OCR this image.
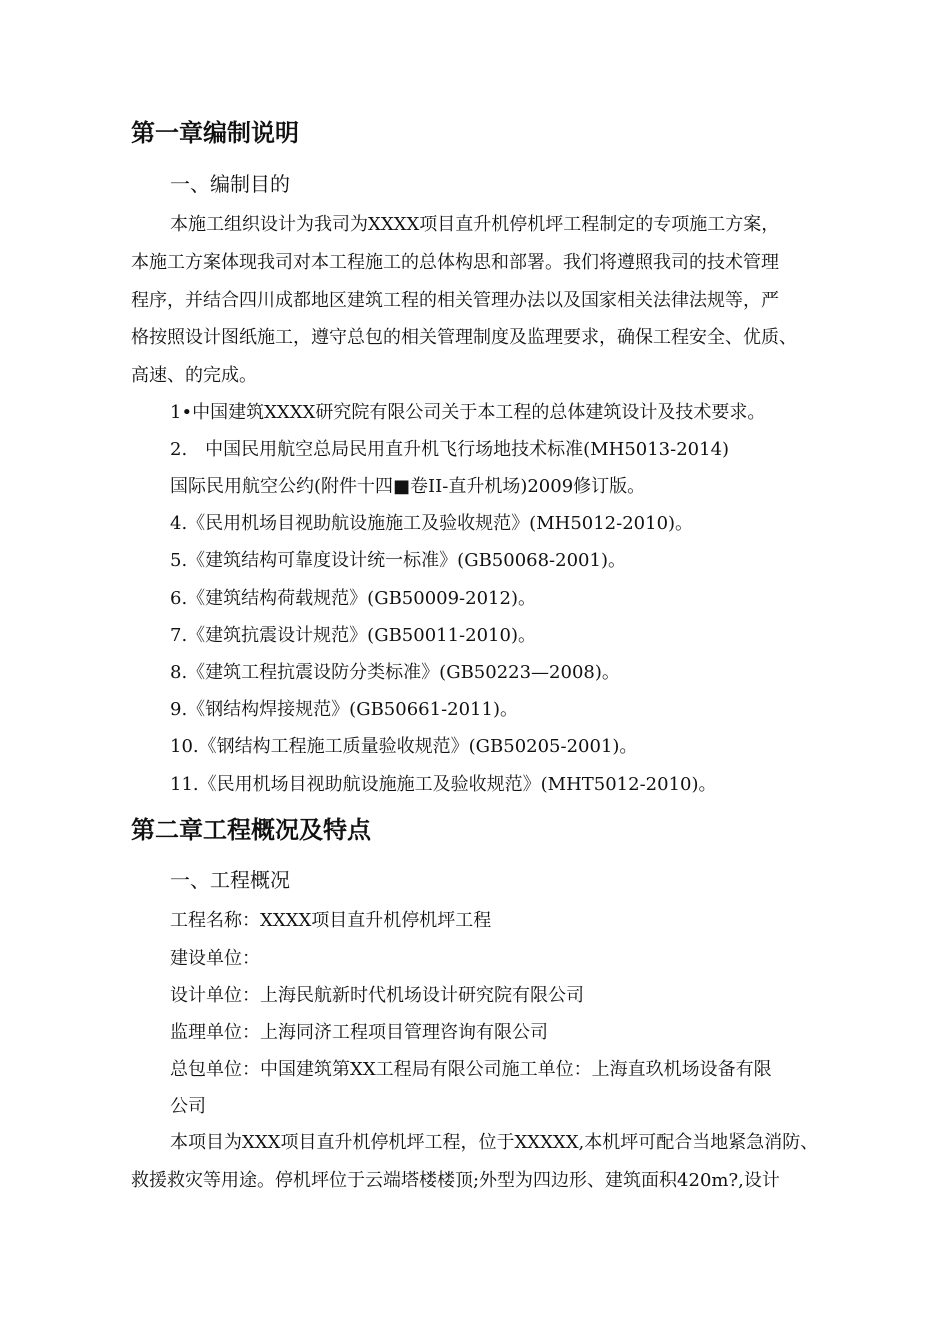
第一章编制说明
一、编制目的
本施工组织设计为我司为XXXX项目直升机停机坪工程制定的专项施工方案，
本施工方案体现我司对本工程施工的总体构思和部署。我们将遵照我司的技术管理
程序，并结合四川成都地区建筑工程的相关管理办法以及国家相关法律法规等，严
格按照设计图纸施工，遵守总包的相关管理制度及监理要求，确保工程安全、优质、
高速、的完成。
1•中国建筑XXXX研究院有限公司关于本工程的总体建筑设计及技术要求。
2.　中国民用航空总局民用直升机飞行场地技术标准(MH5013-2014)
国际民用航空公约(附件十四■卷II-直升机场)2009修订版。
4.《民用机场目视助航设施施工及验收规范》(MH5012-2010)。
5.《建筑结构可靠度设计统一标准》(GB50068-2001)。
6.《建筑结构荷载规范》(GB50009-2012)。
7.《建筑抗震设计规范》(GB50011-2010)。
8.《建筑工程抗震设防分类标准》(GB50223—2008)。
9.《钢结构焊接规范》(GB50661-2011)。
10.《钢结构工程施工质量验收规范》(GB50205-2001)。
11.《民用机场目视助航设施施工及验收规范》(MHT5012-2010)。
第二章工程概况及特点
一、工程概况
工程名称：XXXX项目直升机停机坪工程
建设单位：
设计单位：上海民航新时代机场设计研究院有限公司
监理单位：上海同济工程项目管理咨询有限公司
总包单位：中国建筑第XX工程局有限公司施工单位：上海直玖机场设备有限
公司
本项目为XXX项目直升机停机坪工程，位于XXXXX,本机坪可配合当地紧急消防、
救援救灾等用途。停机坪位于云端塔楼楼顶;外型为四边形、建筑面积420m?,设计
